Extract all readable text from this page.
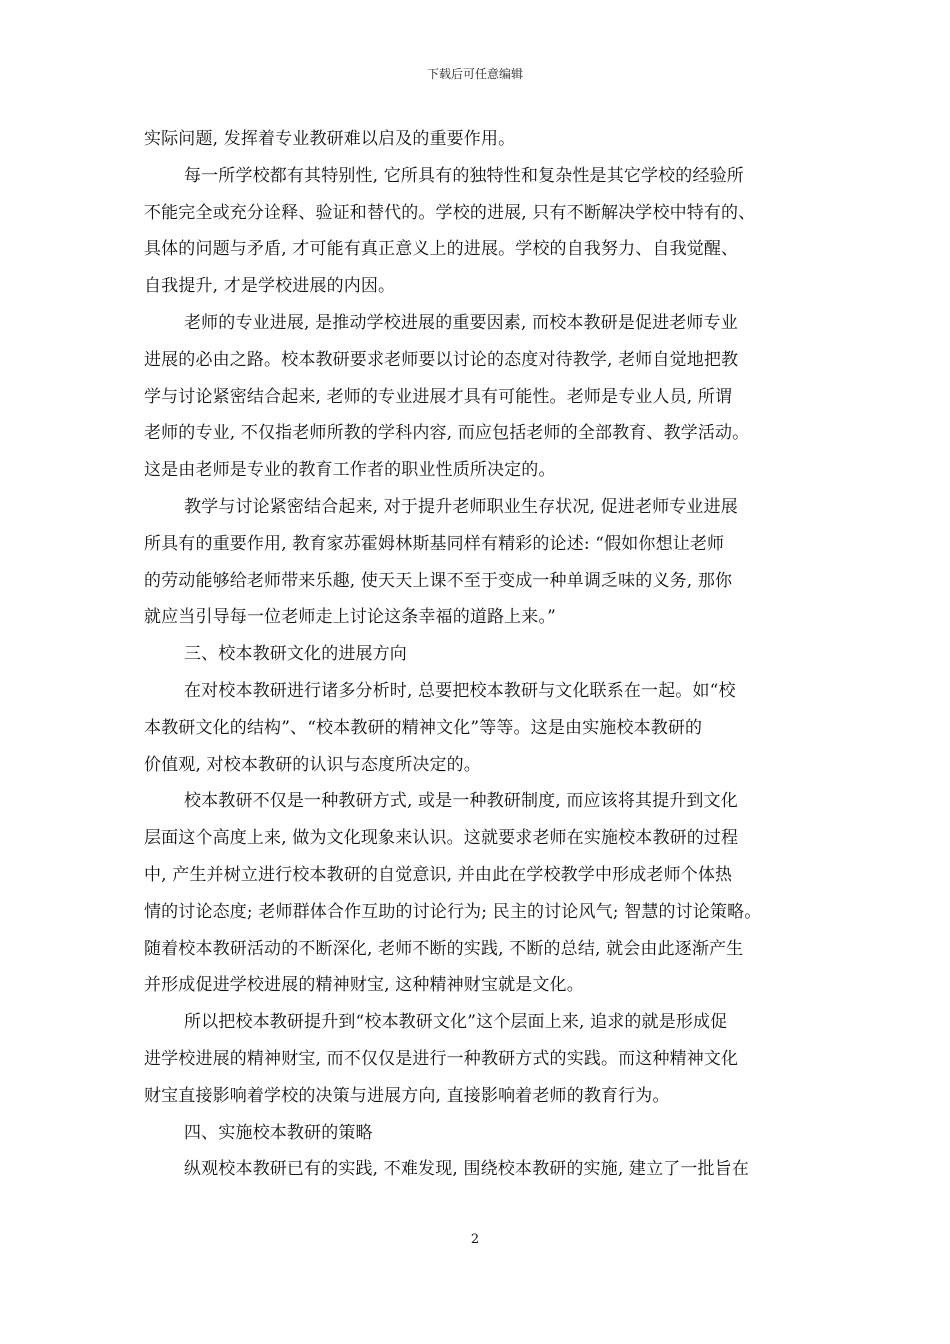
下载后可任意编辑
实际问题, 发挥着专业教研难以启及的重要作用。
每一所学校都有其特别性, 它所具有的独特性和复杂性是其它学校的经验所
不能完全或充分诠释、验证和替代的。学校的进展, 只有不断解决学校中特有的、
具体的问题与矛盾, 才可能有真正意义上的进展。学校的自我努力、自我觉醒、
自我提升, 才是学校进展的内因。
老师的专业进展, 是推动学校进展的重要因素, 而校本教研是促进老师专业
进展的必由之路。校本教研要求老师要以讨论的态度对待教学, 老师自觉地把教
学与讨论紧密结合起来, 老师的专业进展才具有可能性。老师是专业人员, 所谓
老师的专业, 不仅指老师所教的学科内容, 而应包括老师的全部教育、教学活动。
这是由老师是专业的教育工作者的职业性质所决定的。
教学与讨论紧密结合起来, 对于提升老师职业生存状况, 促进老师专业进展
所具有的重要作用, 教育家苏霍姆林斯基同样有精彩的论述: “假如你想让老师
的劳动能够给老师带来乐趣, 使天天上课不至于变成一种单调乏味的义务, 那你
就应当引导每一位老师走上讨论这条幸福的道路上来。”
三、校本教研文化的进展方向
在对校本教研进行诸多分析时, 总要把校本教研与文化联系在一起。如“校
本教研文化的结构”、“校本教研的精神文化”等等。这是由实施校本教研的
价值观, 对校本教研的认识与态度所决定的。
校本教研不仅是一种教研方式, 或是一种教研制度, 而应该将其提升到文化
层面这个高度上来, 做为文化现象来认识。这就要求老师在实施校本教研的过程
中, 产生并树立进行校本教研的自觉意识, 并由此在学校教学中形成老师个体热
情的讨论态度; 老师群体合作互助的讨论行为; 民主的讨论风气; 智慧的讨论策略。
随着校本教研活动的不断深化, 老师不断的实践, 不断的总结, 就会由此逐渐产生
并形成促进学校进展的精神财宝, 这种精神财宝就是文化。
所以把校本教研提升到“校本教研文化”这个层面上来, 追求的就是形成促
进学校进展的精神财宝, 而不仅仅是进行一种教研方式的实践。而这种精神文化
财宝直接影响着学校的决策与进展方向, 直接影响着老师的教育行为。
四、实施校本教研的策略
纵观校本教研已有的实践, 不难发现, 围绕校本教研的实施, 建立了一批旨在
2
